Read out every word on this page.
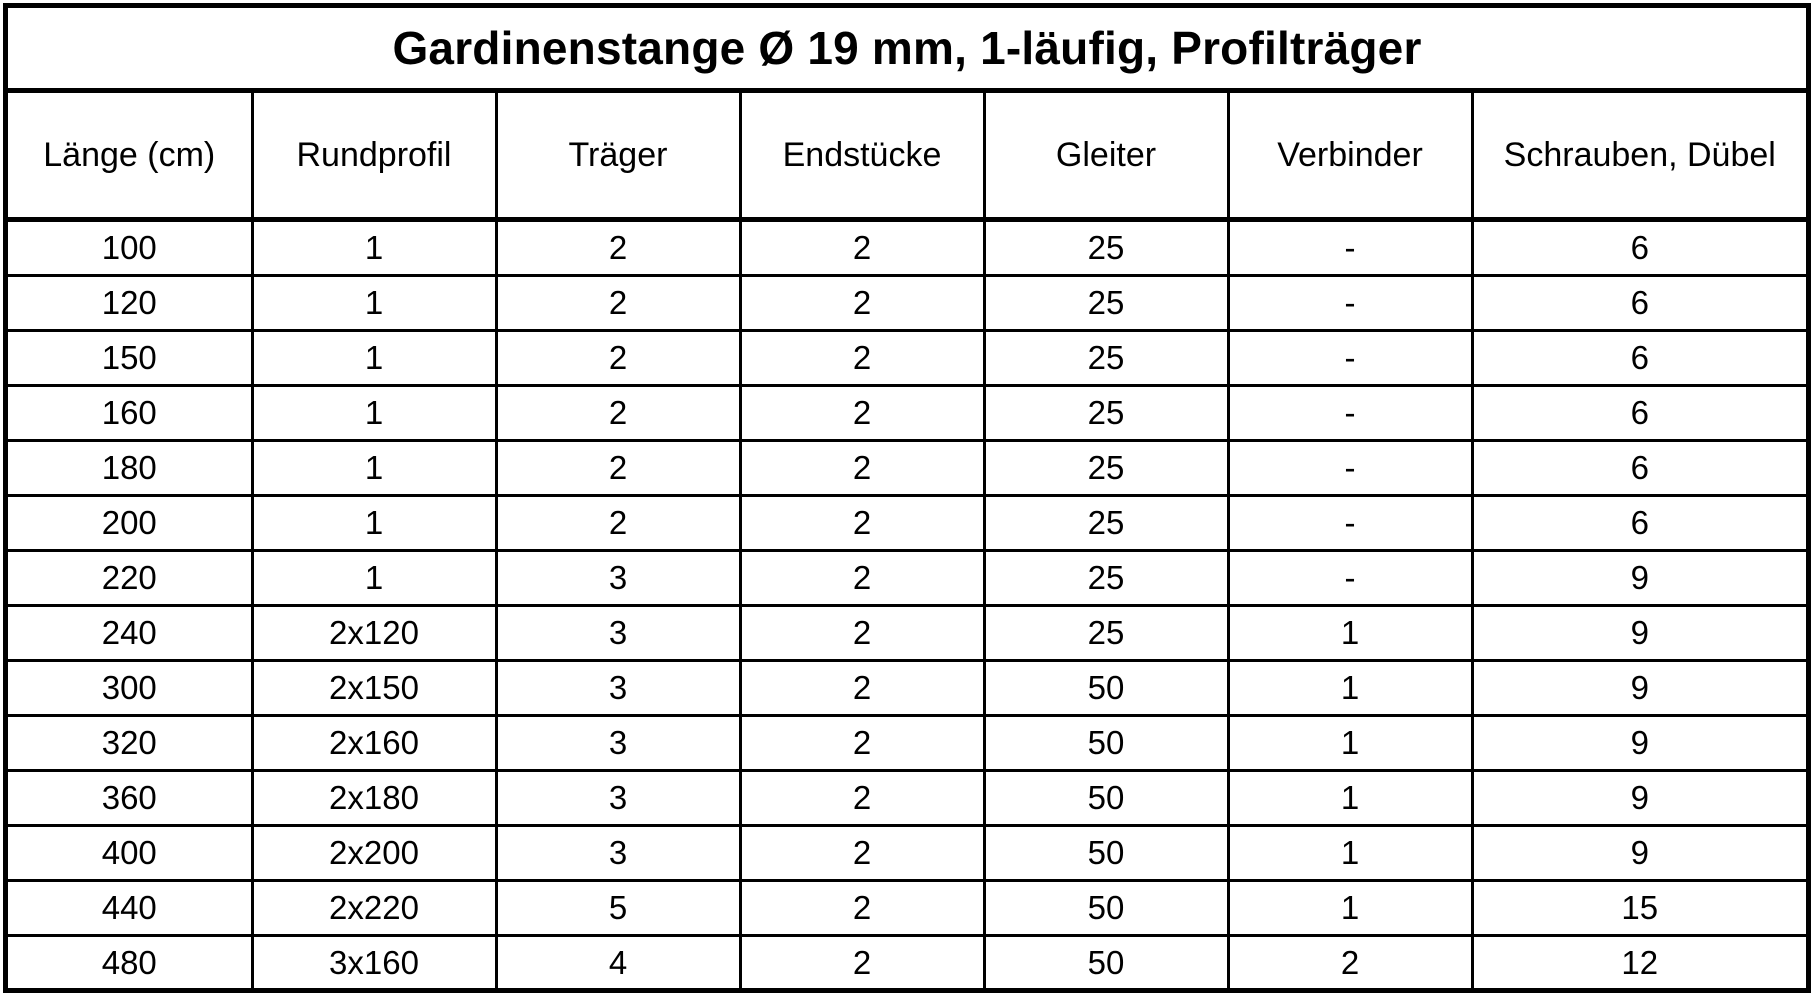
Gardinenstange Ø 19 mm, 1-läufig, Profilträger
Länge (cm)	Rundprofil	Träger	Endstücke	Gleiter	Verbinder	Schrauben, Dübel
100	1	2	2	25	-	6
120	1	2	2	25	-	6
150	1	2	2	25	-	6
160	1	2	2	25	-	6
180	1	2	2	25	-	6
200	1	2	2	25	-	6
220	1	3	2	25	-	9
240	2x120	3	2	25	1	9
300	2x150	3	2	50	1	9
320	2x160	3	2	50	1	9
360	2x180	3	2	50	1	9
400	2x200	3	2	50	1	9
440	2x220	5	2	50	1	15
480	3x160	4	2	50	2	12
